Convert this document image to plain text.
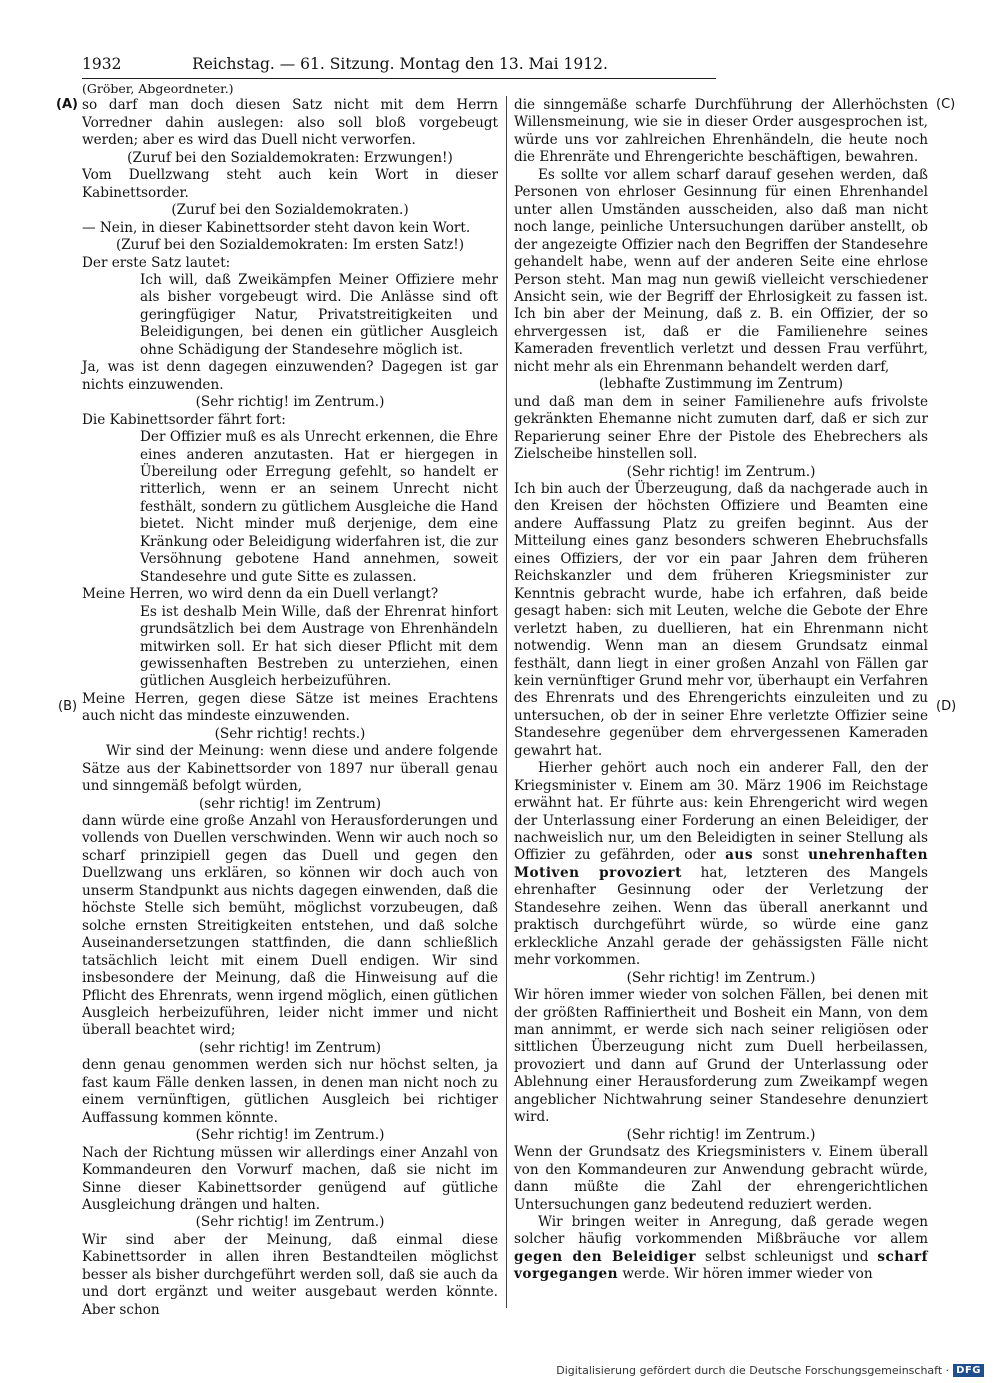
1932	Reichstag. — 61. Sitzung. Montag den 13. Mai 1912.
(A)
(B)
(C)
(D)

(Gröber, Abgeordneter.)

so darf man doch diesen Satz nicht mit dem Herrn Vorredner dahin auslegen: also soll bloß vorgebeugt werden; aber es wird das Duell nicht verworfen.

(Zuruf bei den Sozialdemokraten: Erzwungen!)

Vom Duellzwang steht auch kein Wort in dieser Kabinettsorder.

(Zuruf bei den Sozialdemokraten.)

— Nein, in dieser Kabinettsorder steht davon kein Wort.

(Zuruf bei den Sozialdemokraten: Im ersten Satz!)

Der erste Satz lautet:

Ich will, daß Zweikämpfen Meiner Offiziere mehr als bisher vorgebeugt wird. Die Anlässe sind oft geringfügiger Natur, Privatstreitigkeiten und Beleidigungen, bei denen ein gütlicher Ausgleich ohne Schädigung der Standesehre möglich ist.

Ja, was ist denn dagegen einzuwenden? Dagegen ist gar nichts einzuwenden.

(Sehr richtig! im Zentrum.)

Die Kabinettsorder fährt fort:

Der Offizier muß es als Unrecht erkennen, die Ehre eines anderen anzutasten. Hat er hiergegen in Übereilung oder Erregung gefehlt, so handelt er ritterlich, wenn er an seinem Unrecht nicht festhält, sondern zu gütlichem Ausgleiche die Hand bietet. Nicht minder muß derjenige, dem eine Kränkung oder Beleidigung widerfahren ist, die zur Versöhnung gebotene Hand annehmen, soweit Standesehre und gute Sitte es zulassen.

Meine Herren, wo wird denn da ein Duell verlangt?

Es ist deshalb Mein Wille, daß der Ehrenrat hinfort grundsätzlich bei dem Austrage von Ehrenhändeln mitwirken soll. Er hat sich dieser Pflicht mit dem gewissenhaften Bestreben zu unterziehen, einen gütlichen Ausgleich herbeizuführen.

Meine Herren, gegen diese Sätze ist meines Erachtens auch nicht das mindeste einzuwenden.

(Sehr richtig! rechts.)

Wir sind der Meinung: wenn diese und andere folgende Sätze aus der Kabinettsorder von 1897 nur überall genau und sinngemäß befolgt würden,

(sehr richtig! im Zentrum)

dann würde eine große Anzahl von Herausforderungen und vollends von Duellen verschwinden. Wenn wir auch noch so scharf prinzipiell gegen das Duell und gegen den Duellzwang uns erklären, so können wir doch auch von unserm Standpunkt aus nichts dagegen einwenden, daß die höchste Stelle sich bemüht, möglichst vorzubeugen, daß solche ernsten Streitigkeiten entstehen, und daß solche Auseinandersetzungen stattfinden, die dann schließlich tatsächlich leicht mit einem Duell endigen. Wir sind insbesondere der Meinung, daß die Hinweisung auf die Pflicht des Ehrenrats, wenn irgend möglich, einen gütlichen Ausgleich herbeizuführen, leider nicht immer und nicht überall beachtet wird;

(sehr richtig! im Zentrum)

denn genau genommen werden sich nur höchst selten, ja fast kaum Fälle denken lassen, in denen man nicht noch zu einem vernünftigen, gütlichen Ausgleich bei richtiger Auffassung kommen könnte.

(Sehr richtig! im Zentrum.)

Nach der Richtung müssen wir allerdings einer Anzahl von Kommandeuren den Vorwurf machen, daß sie nicht im Sinne dieser Kabinettsorder genügend auf gütliche Ausgleichung drängen und halten.

(Sehr richtig! im Zentrum.)

Wir sind aber der Meinung, daß einmal diese Kabinettsorder in allen ihren Bestandteilen möglichst besser als bisher durchgeführt werden soll, daß sie auch da und dort ergänzt und weiter ausgebaut werden könnte. Aber schon

die sinngemäße scharfe Durchführung der Allerhöchsten Willensmeinung, wie sie in dieser Order ausgesprochen ist, würde uns vor zahlreichen Ehrenhändeln, die heute noch die Ehrenräte und Ehrengerichte beschäftigen, bewahren.

Es sollte vor allem scharf darauf gesehen werden, daß Personen von ehrloser Gesinnung für einen Ehrenhandel unter allen Umständen ausscheiden, also daß man nicht noch lange, peinliche Untersuchungen darüber anstellt, ob der angezeigte Offizier nach den Begriffen der Standesehre gehandelt habe, wenn auf der anderen Seite eine ehrlose Person steht. Man mag nun gewiß vielleicht verschiedener Ansicht sein, wie der Begriff der Ehrlosigkeit zu fassen ist. Ich bin aber der Meinung, daß z. B. ein Offizier, der so ehrvergessen ist, daß er die Familienehre seines Kameraden freventlich verletzt und dessen Frau verführt, nicht mehr als ein Ehrenmann behandelt werden darf,

(lebhafte Zustimmung im Zentrum)

und daß man dem in seiner Familienehre aufs frivolste gekränkten Ehemanne nicht zumuten darf, daß er sich zur Reparierung seiner Ehre der Pistole des Ehebrechers als Zielscheibe hinstellen soll.

(Sehr richtig! im Zentrum.)

Ich bin auch der Überzeugung, daß da nachgerade auch in den Kreisen der höchsten Offiziere und Beamten eine andere Auffassung Platz zu greifen beginnt. Aus der Mitteilung eines ganz besonders schweren Ehebruchsfalls eines Offiziers, der vor ein paar Jahren dem früheren Reichskanzler und dem früheren Kriegsminister zur Kenntnis gebracht wurde, habe ich erfahren, daß beide gesagt haben: sich mit Leuten, welche die Gebote der Ehre verletzt haben, zu duellieren, hat ein Ehrenmann nicht notwendig. Wenn man an diesem Grundsatz einmal festhält, dann liegt in einer großen Anzahl von Fällen gar kein vernünftiger Grund mehr vor, überhaupt ein Verfahren des Ehrenrats und des Ehrengerichts einzuleiten und zu untersuchen, ob der in seiner Ehre verletzte Offizier seine Standesehre gegenüber dem ehrvergessenen Kameraden gewahrt hat.

Hierher gehört auch noch ein anderer Fall, den der Kriegsminister v. Einem am 30. März 1906 im Reichstage erwähnt hat. Er führte aus: kein Ehrengericht wird wegen der Unterlassung einer Forderung an einen Beleidiger, der nachweislich nur, um den Beleidigten in seiner Stellung als Offizier zu gefährden, oder aus sonst unehrenhaften Motiven provoziert hat, letzteren des Mangels ehrenhafter Gesinnung oder der Verletzung der Standesehre zeihen. Wenn das überall anerkannt und praktisch durchgeführt würde, so würde eine ganz erkleckliche Anzahl gerade der gehässigsten Fälle nicht mehr vorkommen.

(Sehr richtig! im Zentrum.)

Wir hören immer wieder von solchen Fällen, bei denen mit der größten Raffiniertheit und Bosheit ein Mann, von dem man annimmt, er werde sich nach seiner religiösen oder sittlichen Überzeugung nicht zum Duell herbeilassen, provoziert und dann auf Grund der Unterlassung oder Ablehnung einer Herausforderung zum Zweikampf wegen angeblicher Nichtwahrung seiner Standesehre denunziert wird.

(Sehr richtig! im Zentrum.)

Wenn der Grundsatz des Kriegsministers v. Einem überall von den Kommandeuren zur Anwendung gebracht würde, dann müßte die Zahl der ehrengerichtlichen Untersuchungen ganz bedeutend reduziert werden.

Wir bringen weiter in Anregung, daß gerade wegen solcher häufig vorkommenden Mißbräuche vor allem gegen den Beleidiger selbst schleunigst und scharf vorgegangen werde. Wir hören immer wieder von

Digitalisierung gefördert durch die Deutsche Forschungsgemeinschaft · DFG
